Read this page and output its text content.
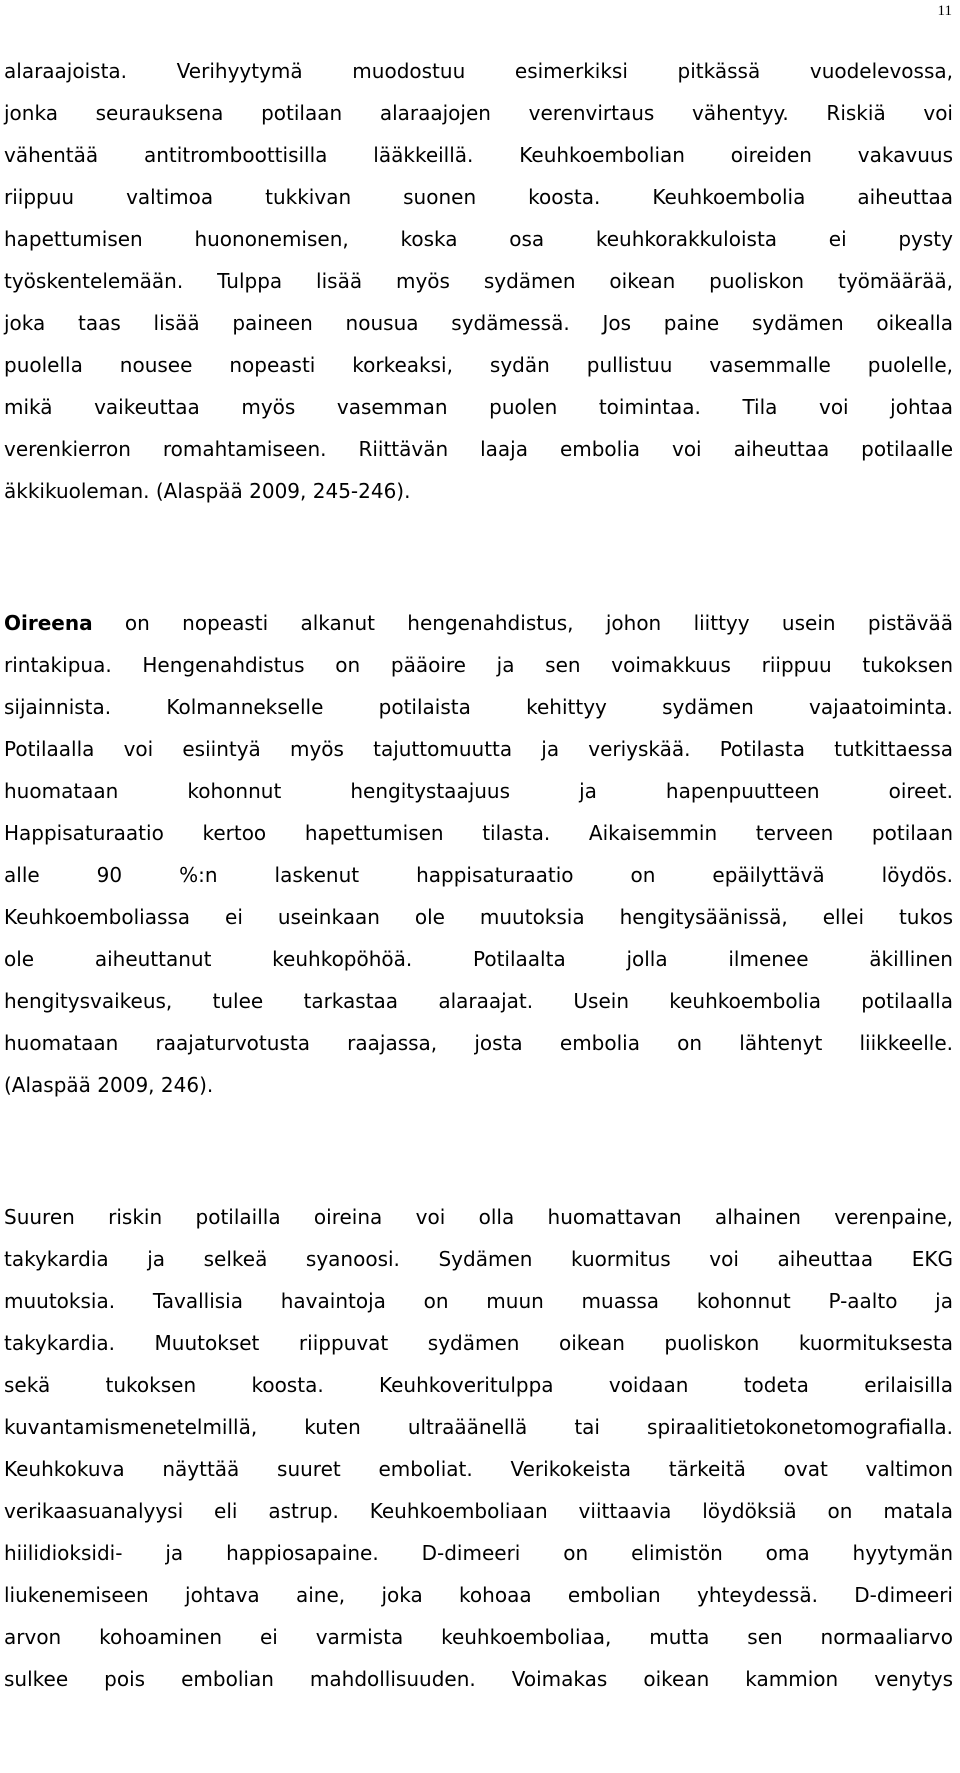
11
alaraajoista. Verihyytymä muodostuu esimerkiksi pitkässä vuodelevossa,
jonka seurauksena potilaan alaraajojen verenvirtaus vähentyy. Riskiä voi
vähentää antitromboottisilla lääkkeillä. Keuhkoembolian oireiden vakavuus
riippuu valtimoa tukkivan suonen koosta. Keuhkoembolia aiheuttaa
hapettumisen huononemisen, koska osa keuhkorakkuloista ei pysty
työskentelemään. Tulppa lisää myös sydämen oikean puoliskon työmäärää,
joka taas lisää paineen nousua sydämessä. Jos paine sydämen oikealla
puolella nousee nopeasti korkeaksi, sydän pullistuu vasemmalle puolelle,
mikä vaikeuttaa myös vasemman puolen toimintaa. Tila voi johtaa
verenkierron romahtamiseen. Riittävän laaja embolia voi aiheuttaa potilaalle
äkkikuoleman. (Alaspää 2009, 245-246).
Oireena on nopeasti alkanut hengenahdistus, johon liittyy usein pistävää
rintakipua. Hengenahdistus on pääoire ja sen voimakkuus riippuu tukoksen
sijainnista. Kolmannekselle potilaista kehittyy sydämen vajaatoiminta.
Potilaalla voi esiintyä myös tajuttomuutta ja veriyskää. Potilasta tutkittaessa
huomataan kohonnut hengitystaajuus ja hapenpuutteen oireet.
Happisaturaatio kertoo hapettumisen tilasta. Aikaisemmin terveen potilaan
alle 90 %:n laskenut happisaturaatio on epäilyttävä löydös.
Keuhkoemboliassa ei useinkaan ole muutoksia hengitysäänissä, ellei tukos
ole aiheuttanut keuhkopöhöä. Potilaalta jolla ilmenee äkillinen
hengitysvaikeus, tulee tarkastaa alaraajat. Usein keuhkoembolia potilaalla
huomataan raajaturvotusta raajassa, josta embolia on lähtenyt liikkeelle.
(Alaspää 2009, 246).
Suuren riskin potilailla oireina voi olla huomattavan alhainen verenpaine,
takykardia ja selkeä syanoosi. Sydämen kuormitus voi aiheuttaa EKG
muutoksia. Tavallisia havaintoja on muun muassa kohonnut P-aalto ja
takykardia. Muutokset riippuvat sydämen oikean puoliskon kuormituksesta
sekä tukoksen koosta. Keuhkoveritulppa voidaan todeta erilaisilla
kuvantamismenetelmillä, kuten ultraäänellä tai spiraalitietokonetomografialla.
Keuhkokuva näyttää suuret emboliat. Verikokeista tärkeitä ovat valtimon
verikaasuanalyysi eli astrup. Keuhkoemboliaan viittaavia löydöksiä on matala
hiilidioksidi- ja happiosapaine. D-dimeeri on elimistön oma hyytymän
liukenemiseen johtava aine, joka kohoaa embolian yhteydessä. D-dimeeri
arvon kohoaminen ei varmista keuhkoemboliaa, mutta sen normaaliarvo
sulkee pois embolian mahdollisuuden. Voimakas oikean kammion venytys
